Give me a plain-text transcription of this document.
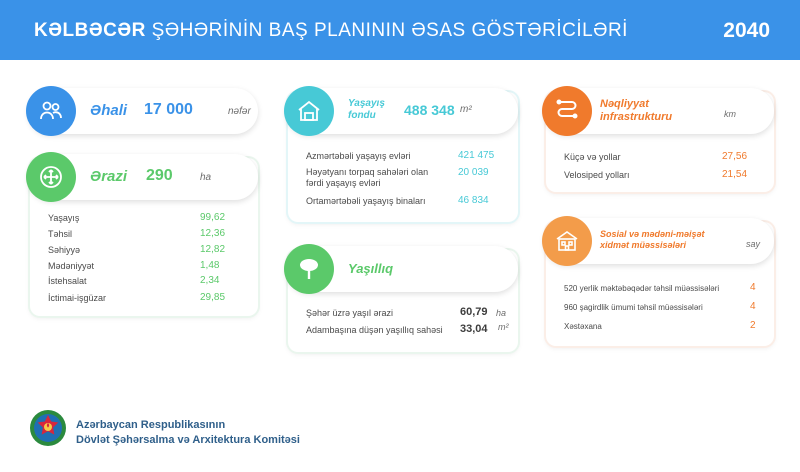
KƏLBƏCƏR ŞƏHƏRİNİN BAŞ PLANININ ƏSAS GÖSTƏRİCİLƏRİ	2040
Əhali 17 000	nəfər
Ərazi 290	ha
Yaşayış	99,62
Təhsil	12,36
Səhiyyə	12,82
Mədəniyyət	1,48
İstehsalat	2,34
İctimai-işgüzar	29,85
Yaşayış
fondu 488 348 m²
Azmərtəbəli yaşayış evləri	421 475
Həyətyanı torpaq sahələri olan
fərdi yaşayış evləri
20 039
Ortamərtəbəli yaşayış binaları	46 834
Yaşıllıq
Şəhər üzrə yaşıl ərazi	60,79 ha
Adambaşına düşən yaşıllıq sahəsi 33,04 m²
Nəqliyyat
infrastrukturu	km
Küçə və yollar	27,56
Velosiped yolları	21,54
Sosial və mədəni-məişət
xidmət müəssisələri	say
520 yerlik məktəbəqədər təhsil müəssisələri	4
960 şagirdlik ümumi təhsil müəssisələri	4
Xəstəxana	2
Azərbaycan Respublikasının
Dövlət Şəhərsalma və Arxitektura Komitəsi
